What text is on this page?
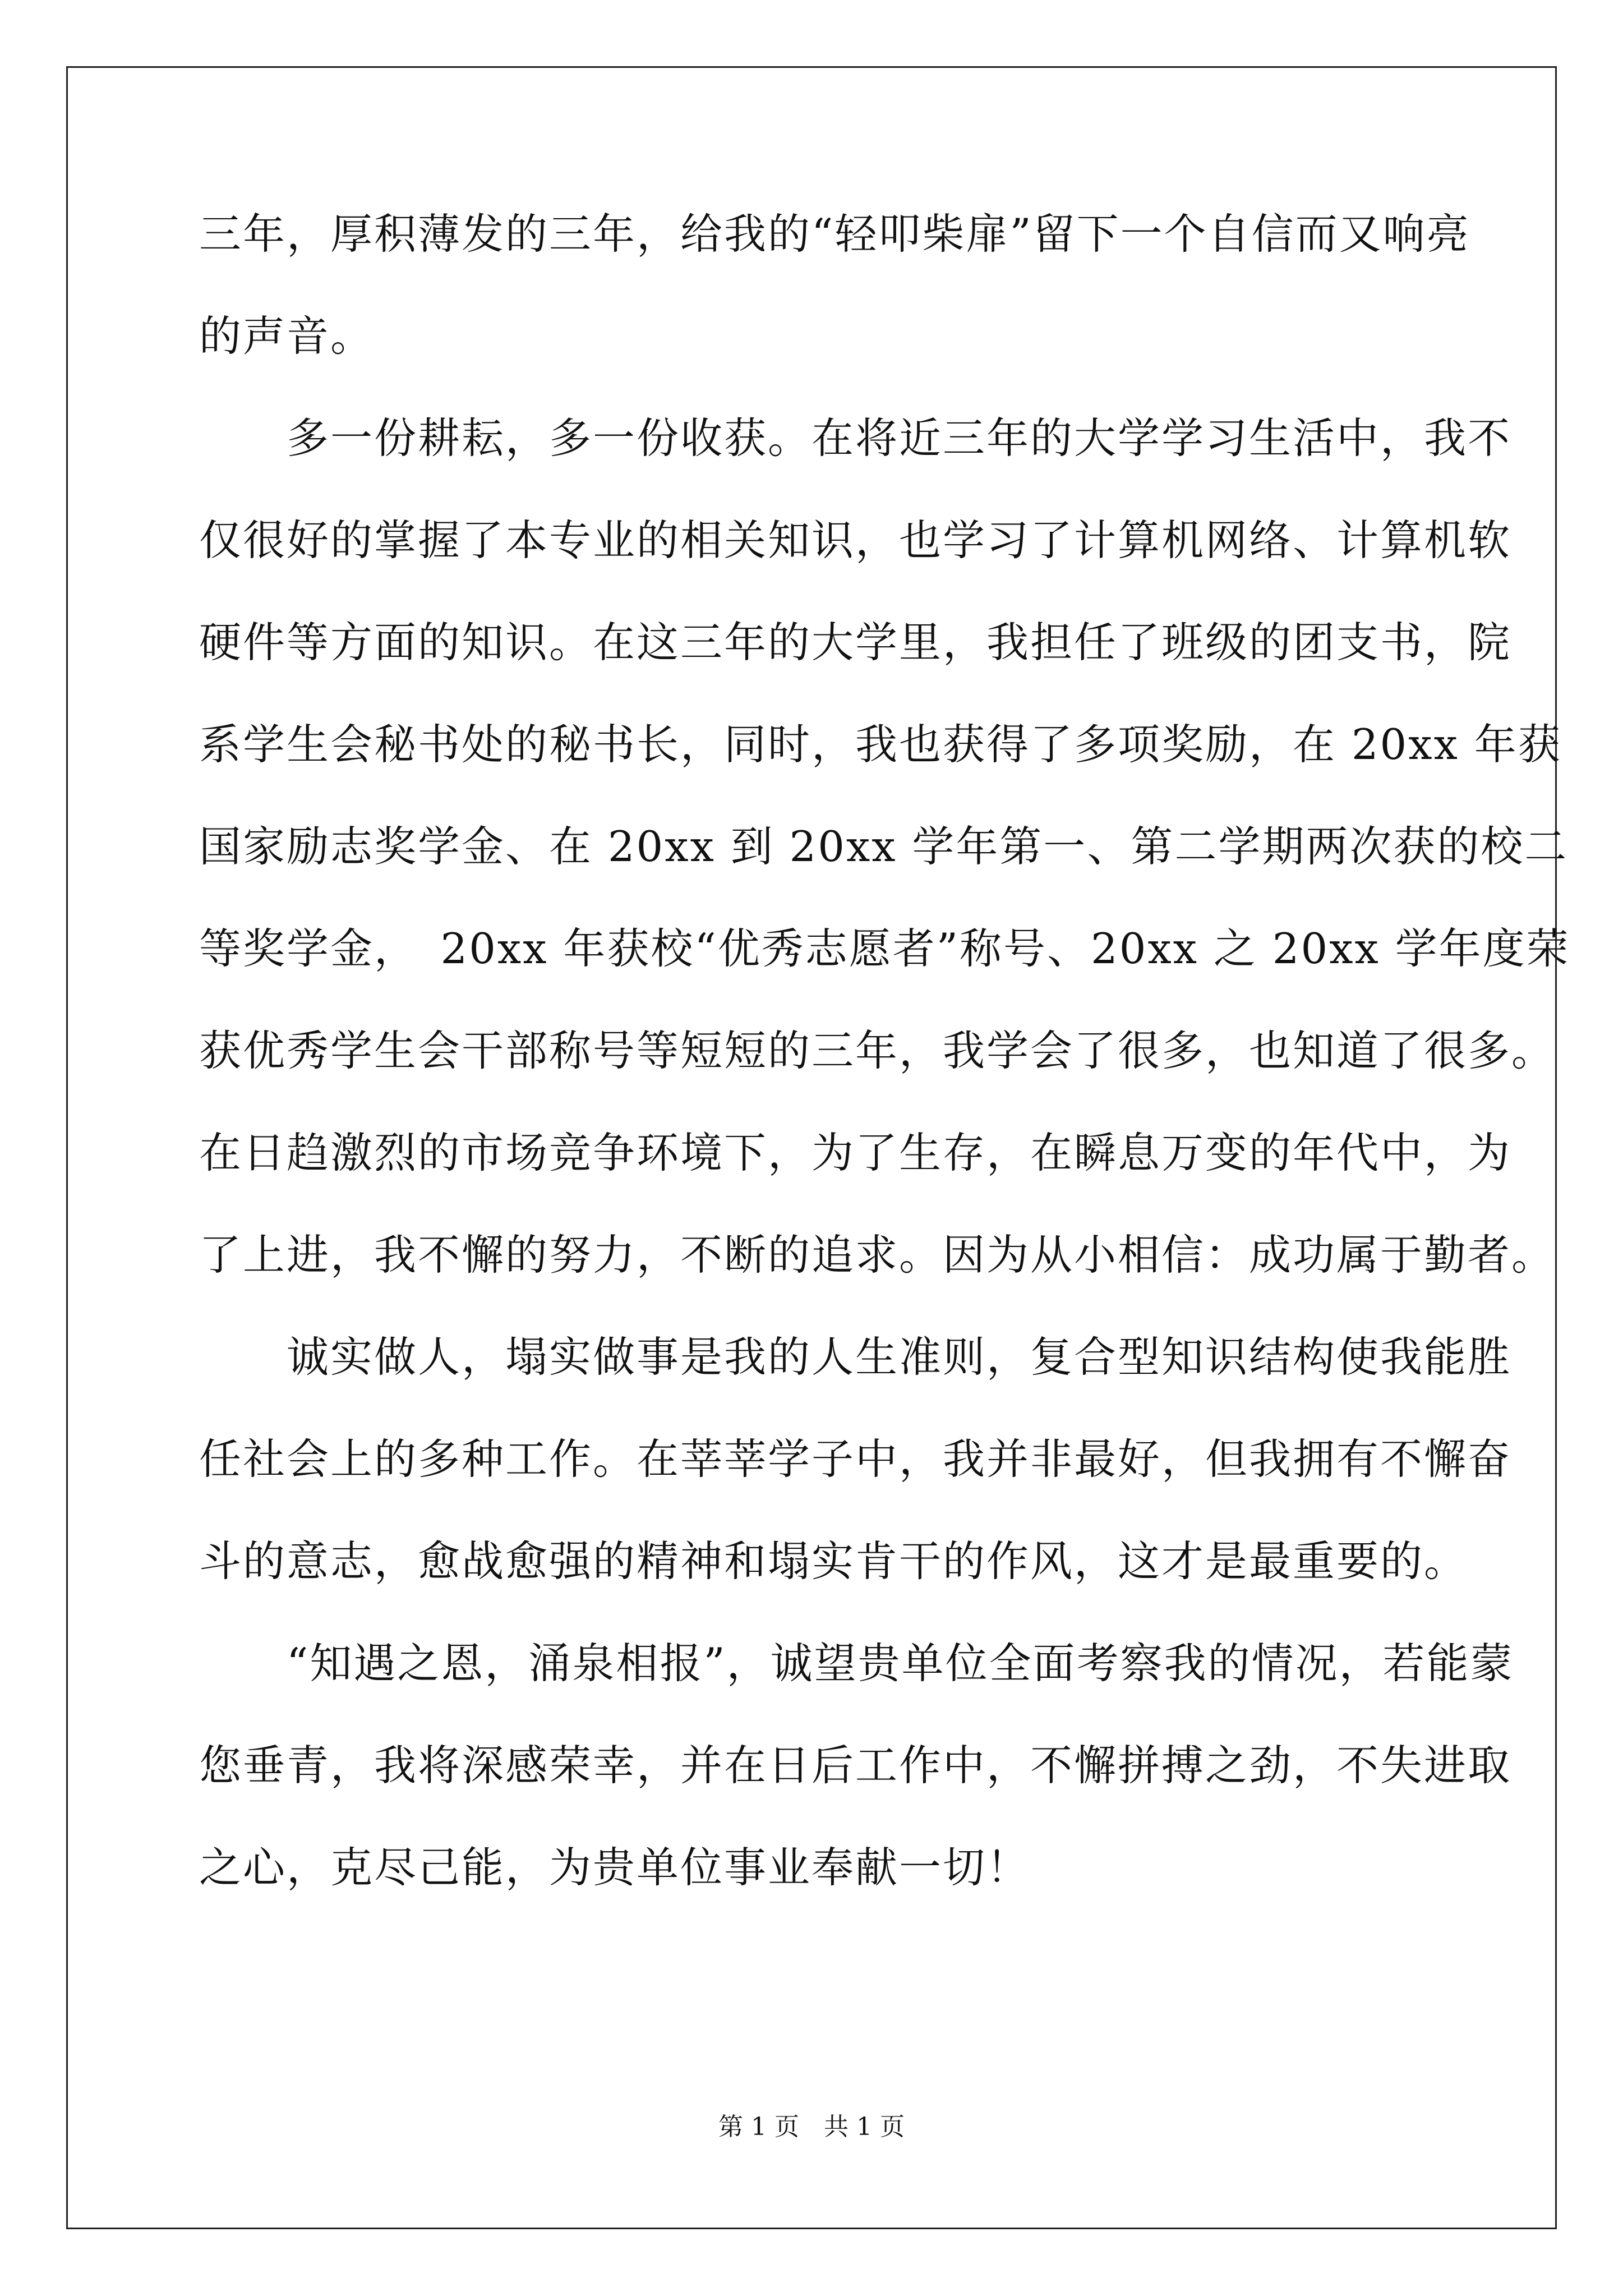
三年，厚积薄发的三年，给我的“轻叩柴扉”留下一个自信而又响亮
的声音。
　　多一份耕耘，多一份收获。在将近三年的大学学习生活中，我不
仅很好的掌握了本专业的相关知识，也学习了计算机网络、计算机软
硬件等方面的知识。在这三年的大学里，我担任了班级的团支书，院
系学生会秘书处的秘书长，同时，我也获得了多项奖励，在 20xx 年获
国家励志奖学金、在 20xx 到 20xx 学年第一、第二学期两次获的校二
等奖学金，　20xx 年获校“优秀志愿者”称号、20xx 之 20xx 学年度荣
获优秀学生会干部称号等短短的三年，我学会了很多，也知道了很多。
在日趋激烈的市场竞争环境下，为了生存，在瞬息万变的年代中，为
了上进，我不懈的努力，不断的追求。因为从小相信：成功属于勤者。
　　诚实做人，塌实做事是我的人生准则，复合型知识结构使我能胜
任社会上的多种工作。在莘莘学子中，我并非最好，但我拥有不懈奋
斗的意志，愈战愈强的精神和塌实肯干的作风，这才是最重要的。
　　“知遇之恩，涌泉相报”，诚望贵单位全面考察我的情况，若能蒙
您垂青，我将深感荣幸，并在日后工作中，不懈拼搏之劲，不失进取
之心，克尽己能，为贵单位事业奉献一切！
第 1 页　共 1 页
